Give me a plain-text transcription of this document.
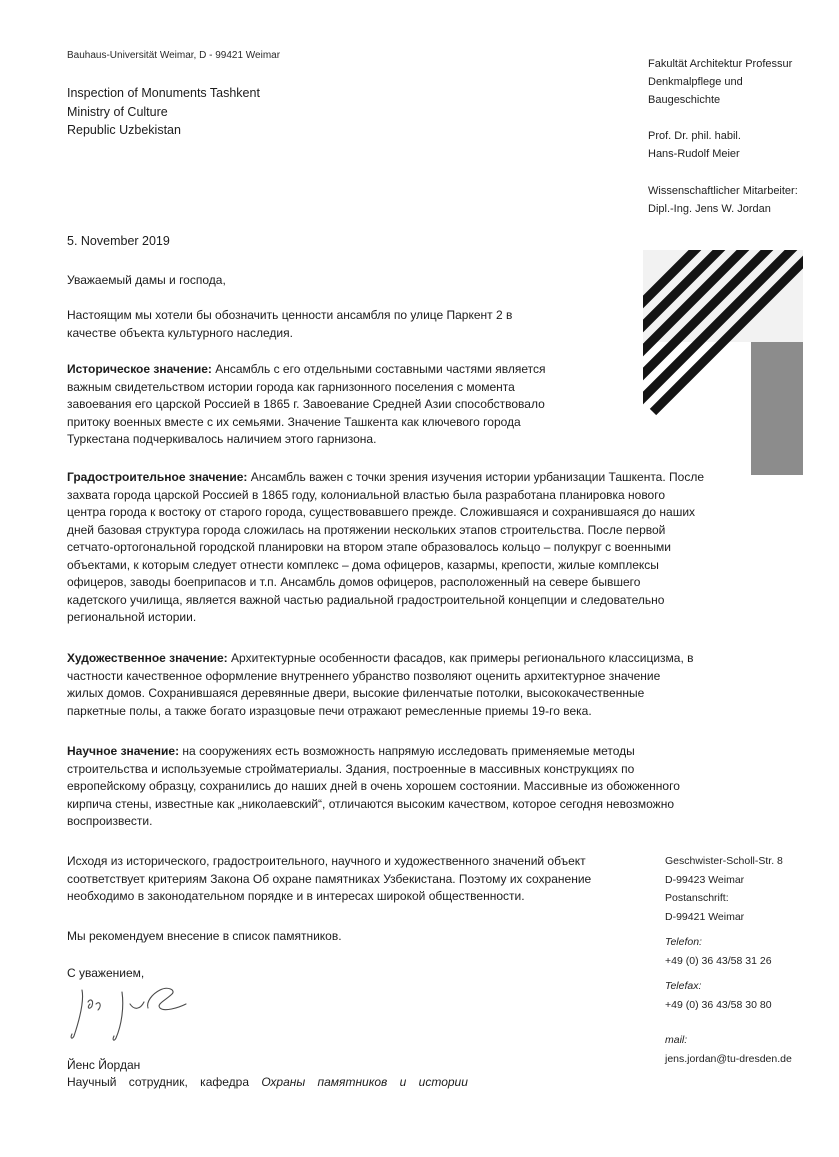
Bauhaus-Universität Weimar, D - 99421 Weimar
Inspection of Monuments Tashkent
Ministry of Culture
Republic Uzbekistan
Fakultät Architektur Professur
Denkmalpflege und
Baugeschichte
Prof. Dr. phil. habil.
Hans-Rudolf Meier
Wissenschaftlicher Mitarbeiter:
Dipl.-Ing. Jens W. Jordan
Bauhaus-Universität Weimar
5. November 2019
Уважаемый дамы и господа,

Настоящим мы хотели бы обозначить ценности ансамбля по улице Паркент 2 в

качестве объекта культурного наследия.

Историческое значение: Ансамбль с его отдельными составными частями является

важным свидетельством истории города как гарнизонного поселения с момента

завоевания его царской Россией в 1865 г. Завоевание Средней Азии способствовало

притоку военных вместе с их семьями. Значение Ташкента как ключевого города

Туркестана подчеркивалось наличием этого гарнизона.

Градостроительное значение: Ансамбль важен с точки зрения изучения истории урбанизации Ташкента. После

захвата города царской Россией в 1865 году, колониальной властью была разработана планировка нового

центра города к востоку от старого города, существовавшего прежде. Сложившаяся и сохранившаяся до наших

дней базовая структура города сложилась на протяжении нескольких этапов строительства. После первой

сетчато-ортогональной городской планировки на втором этапе образовалось кольцо – полукруг с военными

объектами, к которым следует отнести комплекс – дома офицеров, казармы, крепости, жилые комплексы

офицеров, заводы боеприпасов и т.п. Ансамбль домов офицеров, расположенный на севере бывшего

кадетского училища, является важной частью радиальной градостроительной концепции и следовательно

региональной истории.

Художественное значение: Архитектурные особенности фасадов, как примеры регионального классицизма, в

частности качественное оформление внутреннего убранство позволяют оценить архитектурное значение

жилых домов. Сохранившаяся деревянные двери, высокие филенчатые потолки, высококачественные

паркетные полы, а также богато изразцовые печи отражают ремесленные приемы 19-го века.

Научное значение: на сооружениях есть возможность напрямую исследовать применяемые методы

строительства и используемые стройматериалы. Здания, построенные в массивных конструкциях по

европейскому образцу, сохранились до наших дней в очень хорошем состоянии. Массивные из обожженного

кирпича стены, известные как „николаевский“, отличаются высоким качеством, которое сегодня невозможно

воспроизвести.

Исходя из исторического, градостроительного, научного и художественного значений объект

соответствует критериям Закона Об охране памятниках Узбекистана. Поэтому их сохранение

необходимо в законодательном порядке и в интересах широкой общественности.

Мы рекомендуем внесение в список памятников.
С уважением,
Йенс Йордан
Научный сотрудник, кафедра Охраны памятников и истории
Geschwister-Scholl-Str. 8
D-99423 Weimar
Postanschrift:
D-99421 Weimar
Telefon:
+49 (0) 36 43/58 31 26
Telefax:
+49 (0) 36 43/58 30 80
mail:
jens.jordan@tu-dresden.de
